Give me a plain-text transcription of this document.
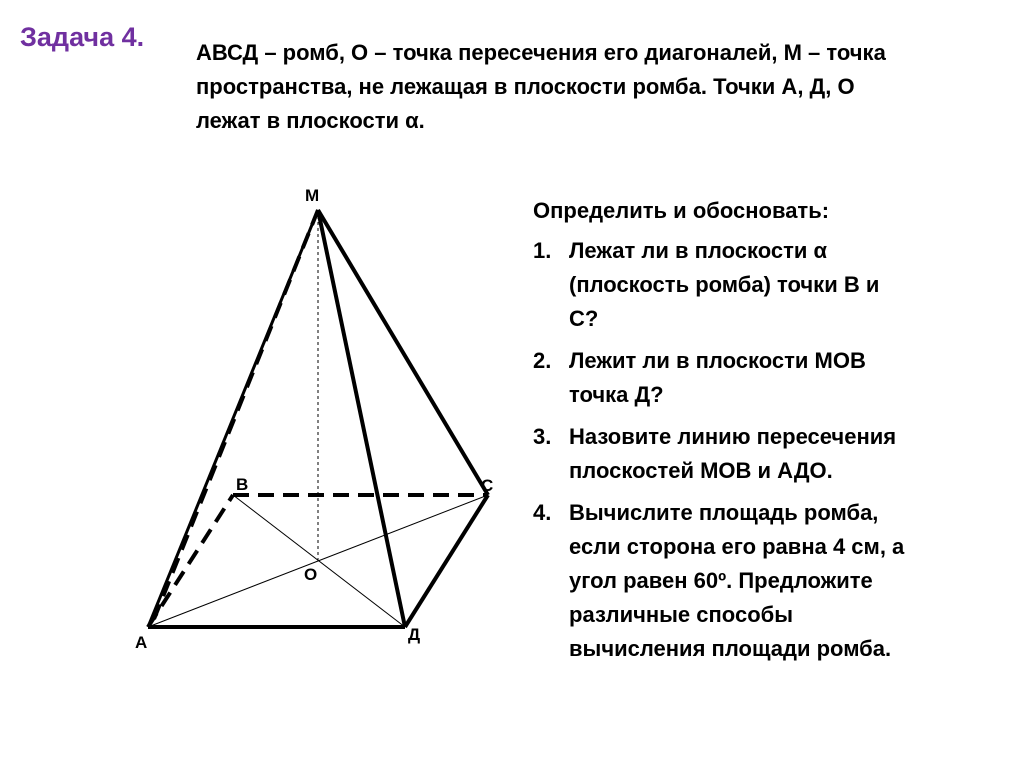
Задача 4.
АВСД – ромб, О – точка пересечения его диагоналей, М – точка
пространства, не лежащая в плоскости ромба. Точки А, Д, О
лежат в плоскости α.
М
В	С
О
А	Д
Определить и обосновать:
1. Лежат ли в плоскости α
(плоскость ромба) точки В и
С?
2. Лежит ли в плоскости МОВ
точка Д?
3. Назовите линию пересечения
плоскостей МОВ и АДО.
4. Вычислите площадь ромба,
если сторона его равна 4 см, а
угол равен 60º. Предложите
различные способы
вычисления площади ромба.
